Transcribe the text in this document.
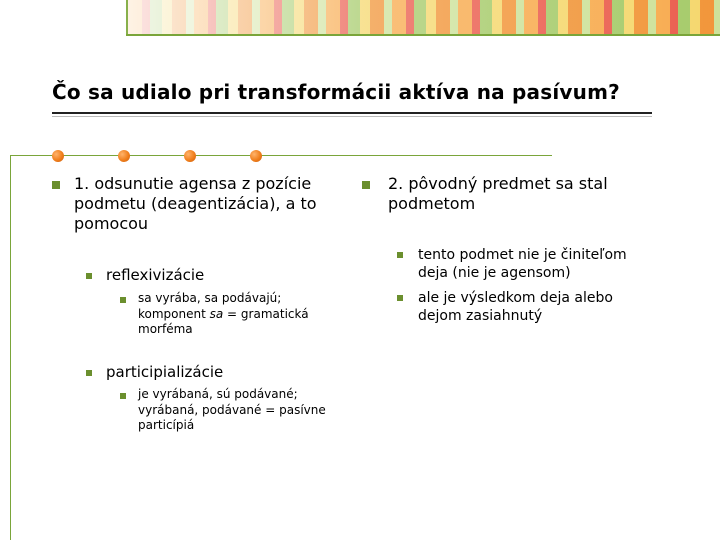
Čo sa udialo pri transformácii aktíva na pasívum?
1. odsunutie agensa z pozície podmetu (deagentizácia), a to pomocou
reflexivizácie
sa vyrába, sa podávajú; komponent sa = gramatická morféma
participializácie
je vyrábaná, sú podávané; vyrábaná, podávané = pasívne particípiá
2. pôvodný predmet sa stal podmetom
tento podmet nie je činiteľom deja (nie je agensom)
ale je výsledkom deja alebo dejom zasiahnutý
